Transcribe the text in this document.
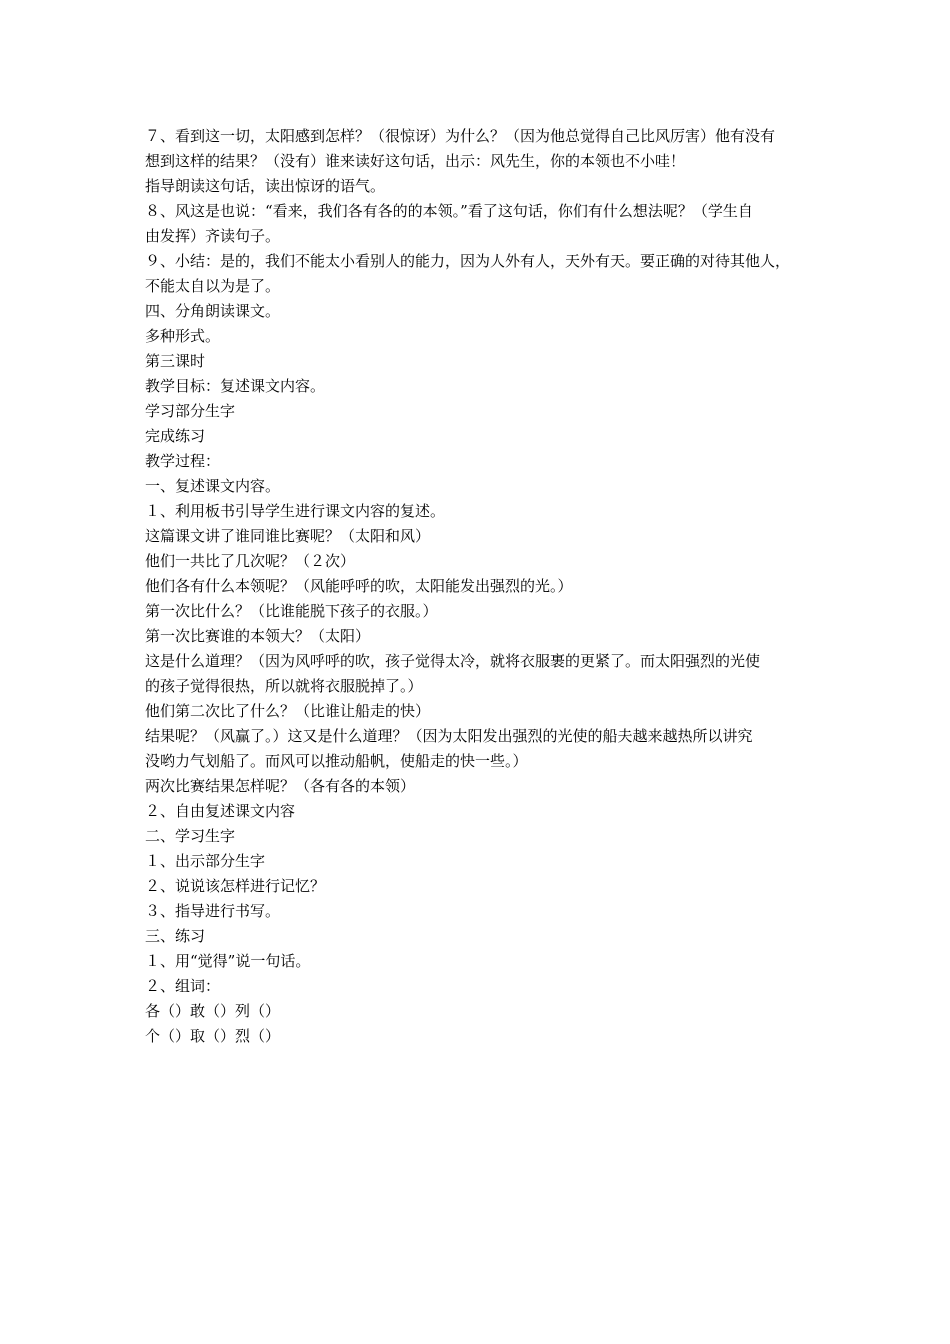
７、看到这一切，太阳感到怎样？（很惊讶）为什么？（因为他总觉得自己比风厉害）他有没有
想到这样的结果？（没有）谁来读好这句话，出示：风先生，你的本领也不小哇！
指导朗读这句话，读出惊讶的语气。
８、风这是也说：“看来，我们各有各的的本领。”看了这句话，你们有什么想法呢？（学生自
由发挥）齐读句子。
９、小结：是的，我们不能太小看别人的能力，因为人外有人，天外有天。要正确的对待其他人，
不能太自以为是了。
四、分角朗读课文。
多种形式。
第三课时
教学目标：复述课文内容。
学习部分生字
完成练习
教学过程：
一、复述课文内容。
１、利用板书引导学生进行课文内容的复述。
这篇课文讲了谁同谁比赛呢？（太阳和风）
他们一共比了几次呢？（２次）
他们各有什么本领呢？（风能呼呼的吹，太阳能发出强烈的光。）
第一次比什么？（比谁能脱下孩子的衣服。）
第一次比赛谁的本领大？（太阳）
这是什么道理？（因为风呼呼的吹，孩子觉得太冷，就将衣服裹的更紧了。而太阳强烈的光使
的孩子觉得很热，所以就将衣服脱掉了。）
他们第二次比了什么？（比谁让船走的快）
结果呢？（风赢了。）这又是什么道理？（因为太阳发出强烈的光使的船夫越来越热所以讲究
没哟力气划船了。而风可以推动船帆，使船走的快一些。）
两次比赛结果怎样呢？（各有各的本领）
２、自由复述课文内容
二、学习生字
１、出示部分生字
２、说说该怎样进行记忆？
３、指导进行书写。
三、练习
１、用“觉得”说一句话。
２、组词：
各（）敢（）列（）
个（）取（）烈（）
